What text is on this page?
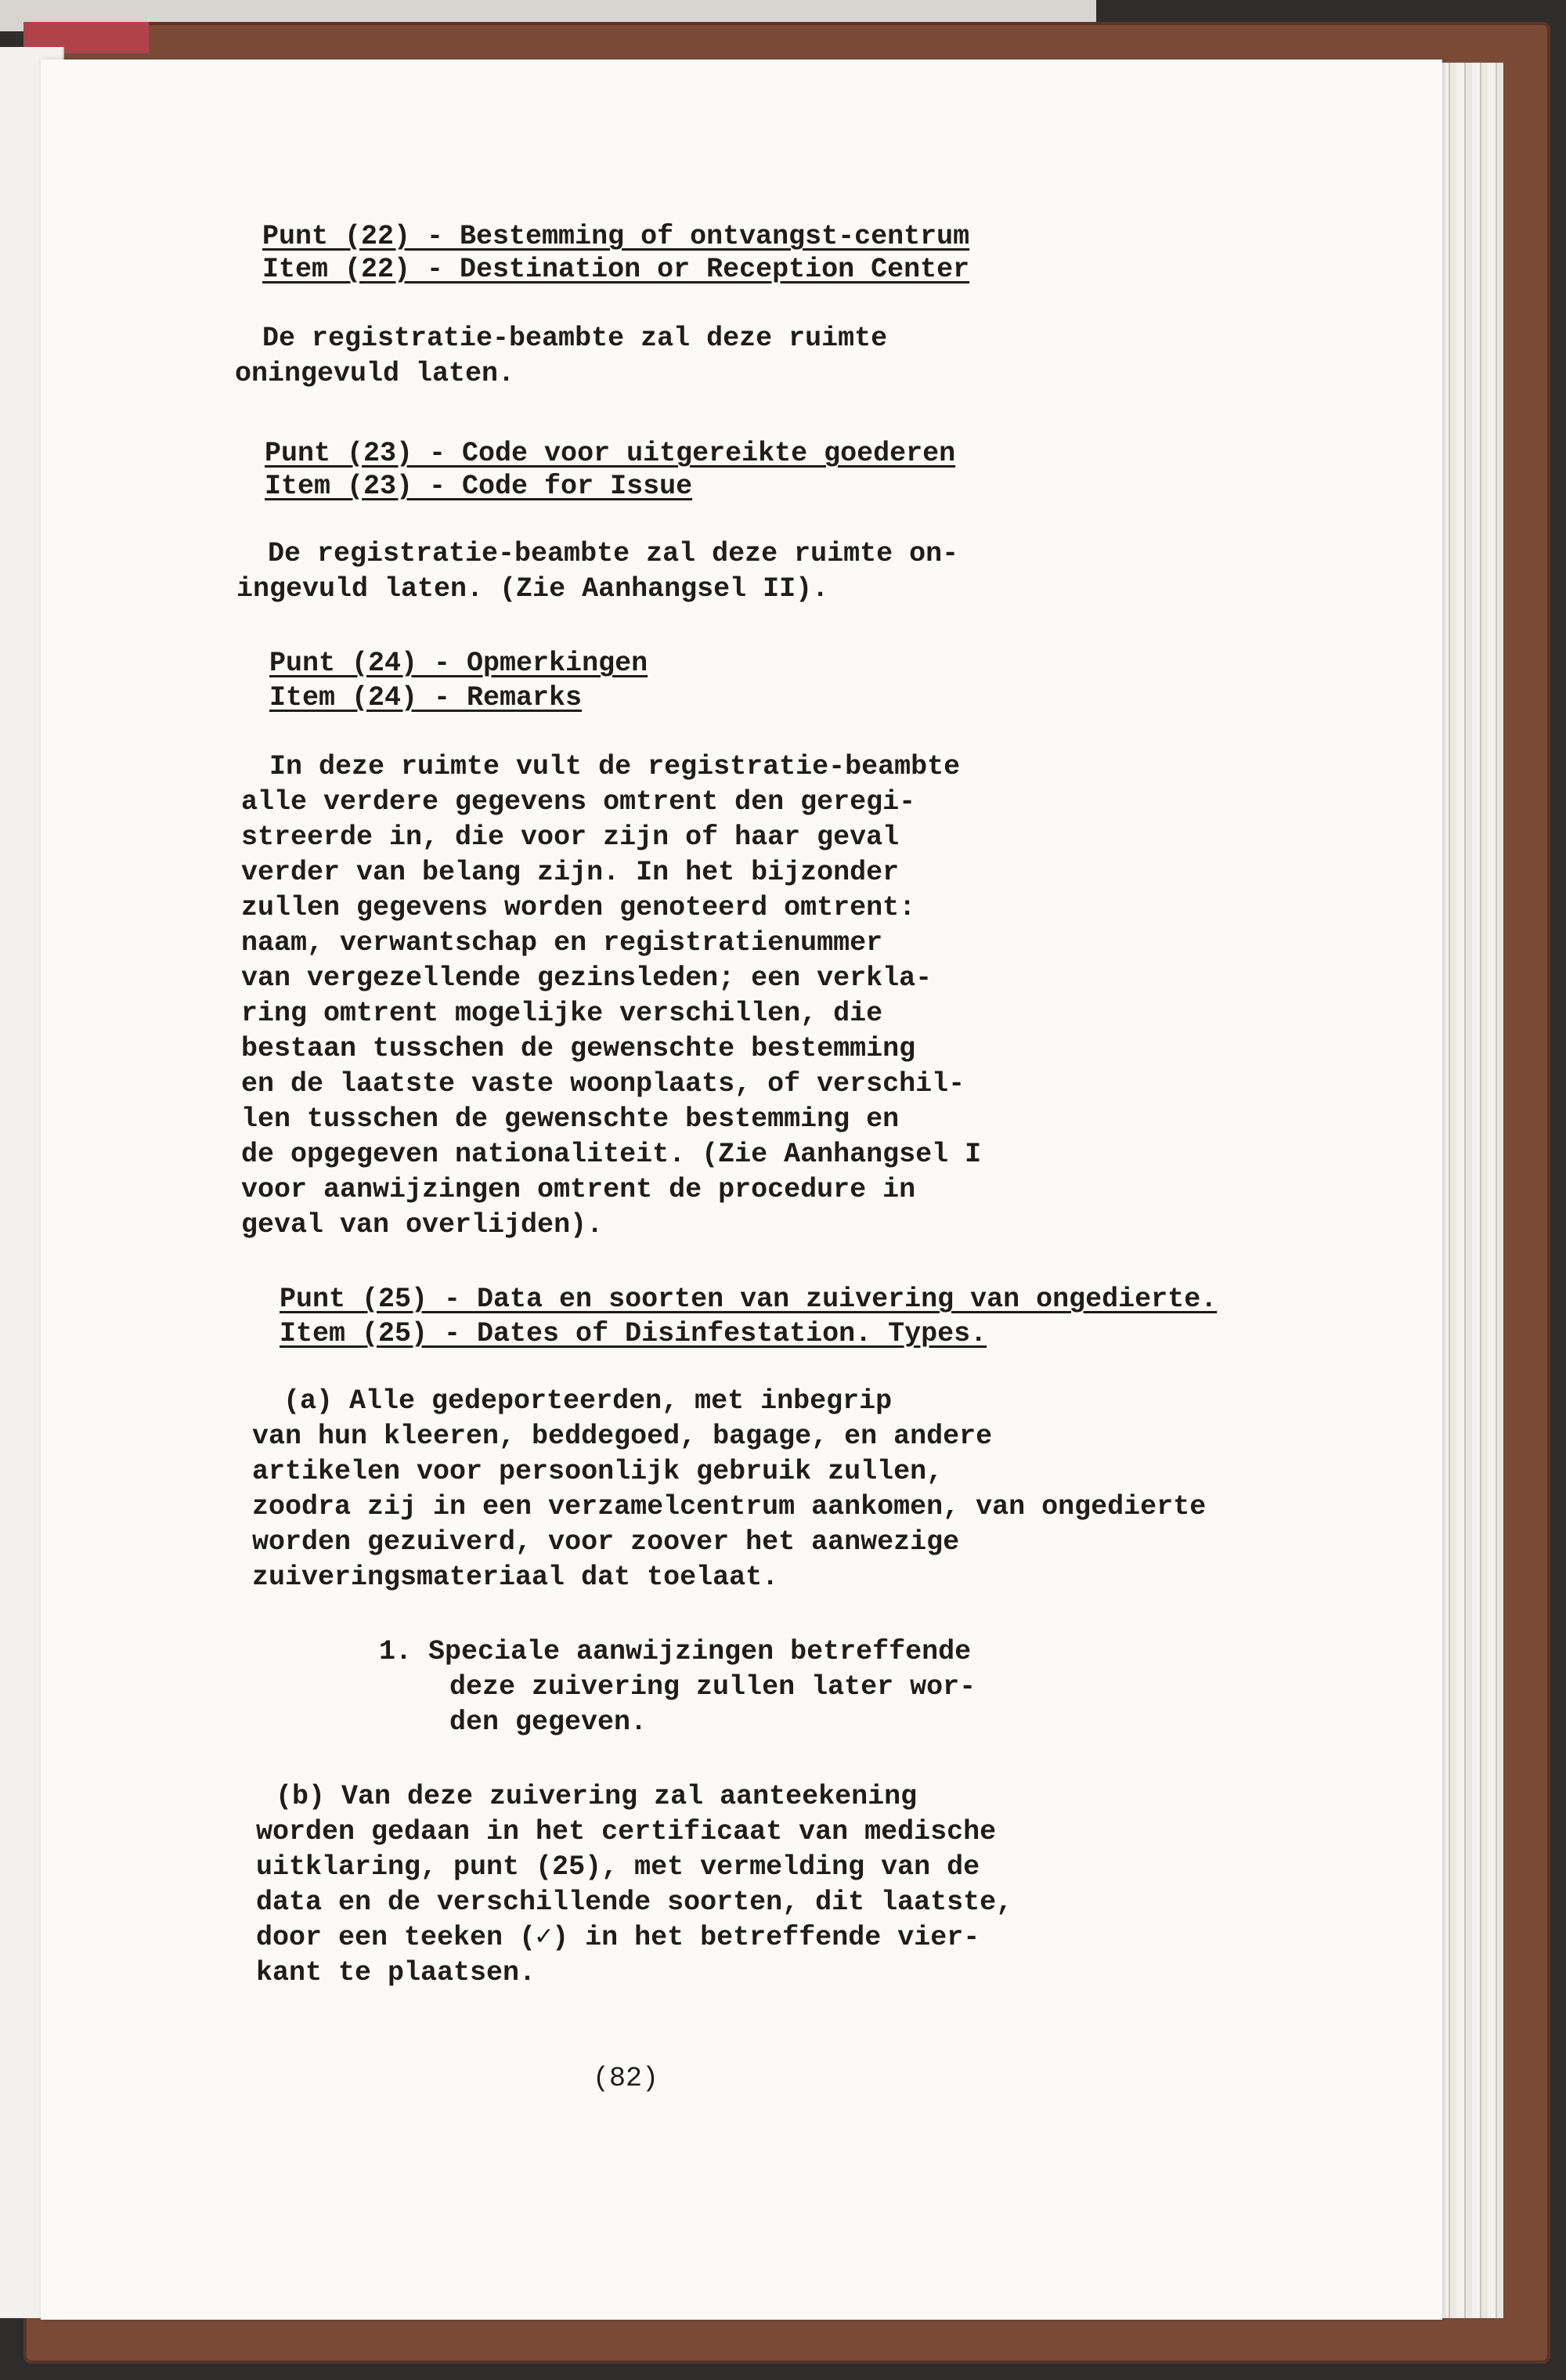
Punt (22) - Bestemming of ontvangst-centrum
Item (22) - Destination or Reception Center
De registratie-beambte zal deze ruimte
oningevuld laten.
Punt (23) - Code voor uitgereikte goederen
Item (23) - Code for Issue
De registratie-beambte zal deze ruimte on-
ingevuld laten. (Zie Aanhangsel II).
Punt (24) - Opmerkingen
Item (24) - Remarks
In deze ruimte vult de registratie-beambte
alle verdere gegevens omtrent den geregi-
streerde in, die voor zijn of haar geval
verder van belang zijn. In het bijzonder
zullen gegevens worden genoteerd omtrent:
naam, verwantschap en registratienummer
van vergezellende gezinsleden; een verkla-
ring omtrent mogelijke verschillen, die
bestaan tusschen de gewenschte bestemming
en de laatste vaste woonplaats, of verschil-
len tusschen de gewenschte bestemming en
de opgegeven nationaliteit. (Zie Aanhangsel I
voor aanwijzingen omtrent de procedure in
geval van overlijden).
Punt (25) - Data en soorten van zuivering van ongedierte.
Item (25) - Dates of Disinfestation. Types.
(a) Alle gedeporteerden, met inbegrip
van hun kleeren, beddegoed, bagage, en andere
artikelen voor persoonlijk gebruik zullen,
zoodra zij in een verzamelcentrum aankomen, van ongedierte
worden gezuiverd, voor zoover het aanwezige
zuiveringsmateriaal dat toelaat.
1. Speciale aanwijzingen betreffende
deze zuivering zullen later wor-
den gegeven.
(b) Van deze zuivering zal aanteekening
worden gedaan in het certificaat van medische
uitklaring, punt (25), met vermelding van de
data en de verschillende soorten, dit laatste,
door een teeken (✓) in het betreffende vier-
kant te plaatsen.
(82)
